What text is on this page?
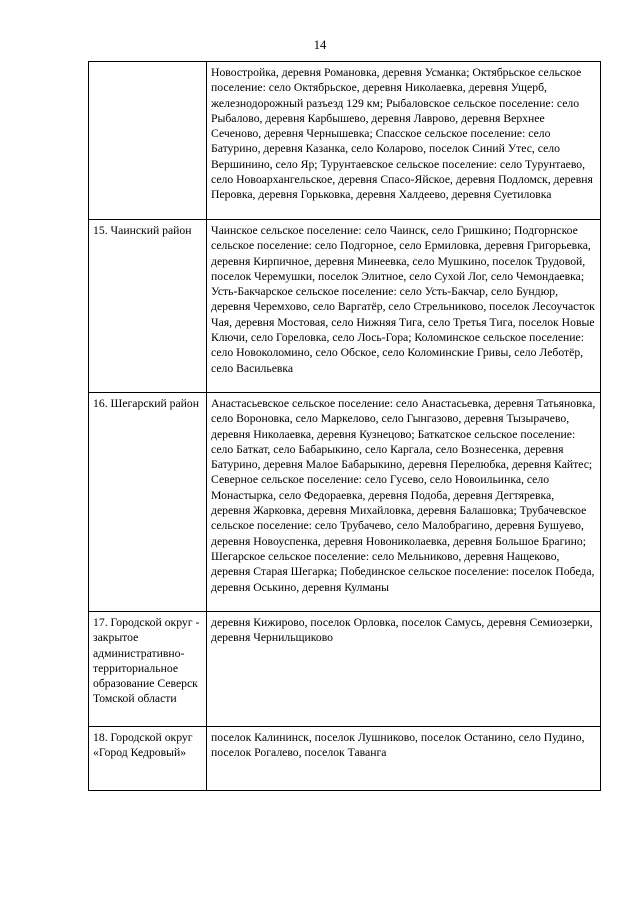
14
	Новостройка, деревня Романовка, деревня Усманка; Октябрьское сельское поселение: село Октябрьское, деревня Николаевка, деревня Ущерб, железнодорожный разъезд 129 км; Рыбаловское сельское поселение: село Рыбалово, деревня Карбышево, деревня Лаврово, деревня Верхнее Сеченово, деревня Чернышевка; Спасское сельское поселение: село Батурино, деревня Казанка, село Коларово, поселок Синий Утес, село Вершинино, село Яр; Турунтаевское сельское поселение: село Турунтаево, село Новоархангельское, деревня Спасо-Яйское, деревня Подломск, деревня Перовка, деревня Горьковка, деревня Халдеево, деревня Суетиловка
15. Чаинский район	Чаинское сельское поселение: село Чаинск, село Гришкино; Подгорнское сельское поселение: село Подгорное, село Ермиловка, деревня Григорьевка, деревня Кирпичное, деревня Минеевка, село Мушкино, поселок Трудовой, поселок Черемушки, поселок Элитное, село Сухой Лог, село Чемондаевка; Усть-Бакчарское сельское поселение: село Усть-Бакчар, село Бундюр, деревня Черемхово, село Варгатёр, село Стрельниково, поселок Лесоучасток Чая, деревня Мостовая, село Нижняя Тига, село Третья Тига, поселок Новые Ключи, село Гореловка, село Лось-Гора; Коломинское сельское поселение: село Новоколомино, село Обское, село Коломинские Гривы, село Леботёр, село Васильевка
16. Шегарский район	Анастасьевское сельское поселение: село Анастасьевка, деревня Татьяновка, село Вороновка, село Маркелово, село Гынгазово, деревня Тызырачево, деревня Николаевка, деревня Кузнецово; Баткатское сельское поселение: село Баткат, село Бабарыкино, село Каргала, село Вознесенка, деревня Батурино, деревня Малое Бабарыкино, деревня Перелюбка, деревня Кайтес; Северное сельское поселение: село Гусево, село Новоильинка, село Монастырка, село Федораевка, деревня Подоба, деревня Дегтяревка, деревня Жарковка, деревня Михайловка, деревня Балашовка; Трубачевское сельское поселение: село Трубачево, село Малобрагино, деревня Бушуево, деревня Новоуспенка, деревня Новониколаевка, деревня Большое Брагино; Шегарское сельское поселение: село Мельниково, деревня Нащеково, деревня Старая Шегарка; Побединское сельское поселение: поселок Победа, деревня Оськино, деревня Кулманы
17. Городской округ - закрытое административно-территориальное образование Северск Томской области	деревня Кижирово, поселок Орловка, поселок Самусь, деревня Семиозерки, деревня Чернильщиково
18. Городской округ «Город Кедровый»	поселок Калининск, поселок Лушниково, поселок Останино, село Пудино, поселок Рогалево, поселок Таванга
